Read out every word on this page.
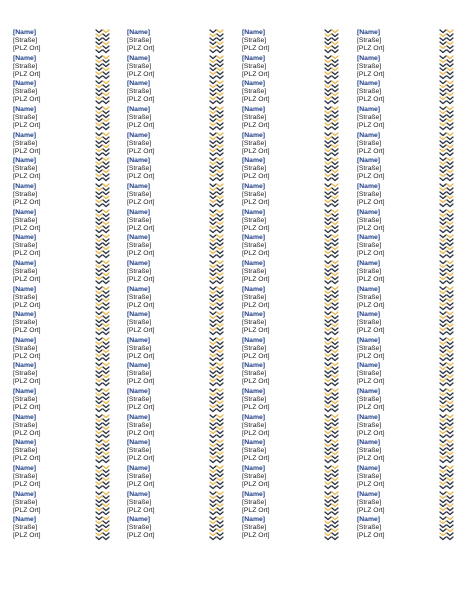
[Name]
[Straße]
[PLZ Ort]
[Name]
[Straße]
[PLZ Ort]
[Name]
[Straße]
[PLZ Ort]
[Name]
[Straße]
[PLZ Ort]
[Name]
[Straße]
[PLZ Ort]
[Name]
[Straße]
[PLZ Ort]
[Name]
[Straße]
[PLZ Ort]
[Name]
[Straße]
[PLZ Ort]
[Name]
[Straße]
[PLZ Ort]
[Name]
[Straße]
[PLZ Ort]
[Name]
[Straße]
[PLZ Ort]
[Name]
[Straße]
[PLZ Ort]
[Name]
[Straße]
[PLZ Ort]
[Name]
[Straße]
[PLZ Ort]
[Name]
[Straße]
[PLZ Ort]
[Name]
[Straße]
[PLZ Ort]
[Name]
[Straße]
[PLZ Ort]
[Name]
[Straße]
[PLZ Ort]
[Name]
[Straße]
[PLZ Ort]
[Name]
[Straße]
[PLZ Ort]
[Name]
[Straße]
[PLZ Ort]
[Name]
[Straße]
[PLZ Ort]
[Name]
[Straße]
[PLZ Ort]
[Name]
[Straße]
[PLZ Ort]
[Name]
[Straße]
[PLZ Ort]
[Name]
[Straße]
[PLZ Ort]
[Name]
[Straße]
[PLZ Ort]
[Name]
[Straße]
[PLZ Ort]
[Name]
[Straße]
[PLZ Ort]
[Name]
[Straße]
[PLZ Ort]
[Name]
[Straße]
[PLZ Ort]
[Name]
[Straße]
[PLZ Ort]
[Name]
[Straße]
[PLZ Ort]
[Name]
[Straße]
[PLZ Ort]
[Name]
[Straße]
[PLZ Ort]
[Name]
[Straße]
[PLZ Ort]
[Name]
[Straße]
[PLZ Ort]
[Name]
[Straße]
[PLZ Ort]
[Name]
[Straße]
[PLZ Ort]
[Name]
[Straße]
[PLZ Ort]
[Name]
[Straße]
[PLZ Ort]
[Name]
[Straße]
[PLZ Ort]
[Name]
[Straße]
[PLZ Ort]
[Name]
[Straße]
[PLZ Ort]
[Name]
[Straße]
[PLZ Ort]
[Name]
[Straße]
[PLZ Ort]
[Name]
[Straße]
[PLZ Ort]
[Name]
[Straße]
[PLZ Ort]
[Name]
[Straße]
[PLZ Ort]
[Name]
[Straße]
[PLZ Ort]
[Name]
[Straße]
[PLZ Ort]
[Name]
[Straße]
[PLZ Ort]
[Name]
[Straße]
[PLZ Ort]
[Name]
[Straße]
[PLZ Ort]
[Name]
[Straße]
[PLZ Ort]
[Name]
[Straße]
[PLZ Ort]
[Name]
[Straße]
[PLZ Ort]
[Name]
[Straße]
[PLZ Ort]
[Name]
[Straße]
[PLZ Ort]
[Name]
[Straße]
[PLZ Ort]
[Name]
[Straße]
[PLZ Ort]
[Name]
[Straße]
[PLZ Ort]
[Name]
[Straße]
[PLZ Ort]
[Name]
[Straße]
[PLZ Ort]
[Name]
[Straße]
[PLZ Ort]
[Name]
[Straße]
[PLZ Ort]
[Name]
[Straße]
[PLZ Ort]
[Name]
[Straße]
[PLZ Ort]
[Name]
[Straße]
[PLZ Ort]
[Name]
[Straße]
[PLZ Ort]
[Name]
[Straße]
[PLZ Ort]
[Name]
[Straße]
[PLZ Ort]
[Name]
[Straße]
[PLZ Ort]
[Name]
[Straße]
[PLZ Ort]
[Name]
[Straße]
[PLZ Ort]
[Name]
[Straße]
[PLZ Ort]
[Name]
[Straße]
[PLZ Ort]
[Name]
[Straße]
[PLZ Ort]
[Name]
[Straße]
[PLZ Ort]
[Name]
[Straße]
[PLZ Ort]
